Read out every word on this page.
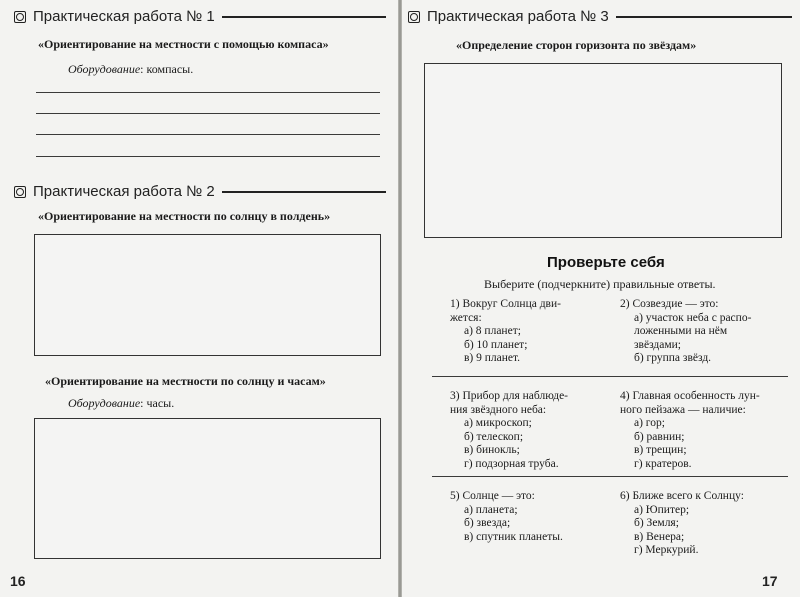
Практическая работа № 1
«Ориентирование на местности с помощью компаса»
Оборудование: компасы.
Практическая работа № 2
«Ориентирование на местности по солнцу в полдень»
«Ориентирование на местности по солнцу и часам»
Оборудование: часы.
16
Практическая работа № 3
«Определение сторон горизонта по звёздам»
Проверьте себя
Выберите (подчеркните) правильные ответы.
1) Вокруг Солнца дви-
жется:
а) 8 планет;
б) 10 планет;
в) 9 планет.
2) Созвездие — это:
а) участок неба с распо-
ложенными на нём
звёздами;
б) группа звёзд.
3) Прибор для наблюде-
ния звёздного неба:
а) микроскоп;
б) телескоп;
в) бинокль;
г) подзорная труба.
4) Главная особенность лун-
ного пейзажа — наличие:
а) гор;
б) равнин;
в) трещин;
г) кратеров.
5) Солнце — это:
а) планета;
б) звезда;
в) спутник планеты.
6) Ближе всего к Солнцу:
а) Юпитер;
б) Земля;
в) Венера;
г) Меркурий.
17
